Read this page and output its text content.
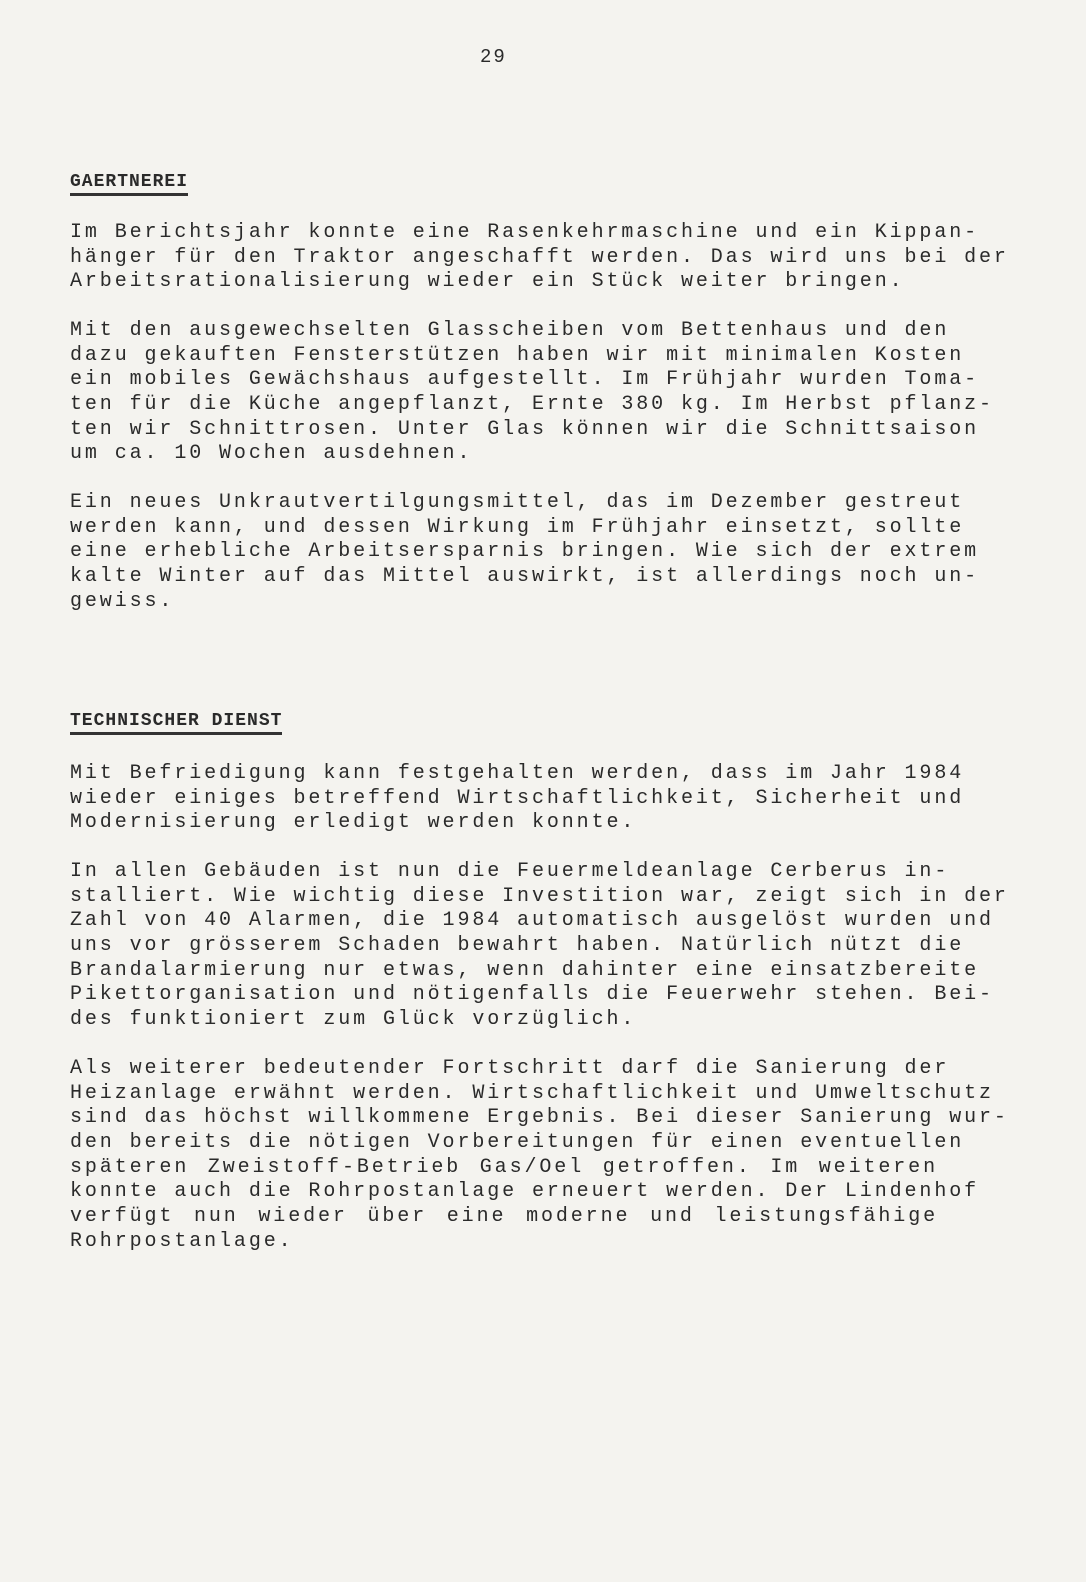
29
GAERTNEREI
Im Berichtsjahr konnte eine Rasenkehrmaschine und ein Kippan-
hänger für den Traktor angeschafft werden. Das wird uns bei der
Arbeitsrationalisierung wieder ein Stück weiter bringen.
Mit den ausgewechselten Glasscheiben vom Bettenhaus und den
dazu gekauften Fensterstützen haben wir mit minimalen Kosten
ein mobiles Gewächshaus aufgestellt. Im Frühjahr wurden Toma-
ten für die Küche angepflanzt, Ernte 380 kg. Im Herbst pflanz-
ten wir Schnittrosen. Unter Glas können wir die Schnittsaison
um ca. 10 Wochen ausdehnen.
Ein neues Unkrautvertilgungsmittel, das im Dezember gestreut
werden kann, und dessen Wirkung im Frühjahr einsetzt, sollte
eine erhebliche Arbeitsersparnis bringen. Wie sich der extrem
kalte Winter auf das Mittel auswirkt, ist allerdings noch un-
gewiss.
TECHNISCHER DIENST
Mit Befriedigung kann festgehalten werden, dass im Jahr 1984
wieder einiges betreffend Wirtschaftlichkeit, Sicherheit und
Modernisierung erledigt werden konnte.
In allen Gebäuden ist nun die Feuermeldeanlage Cerberus in-
stalliert. Wie wichtig diese Investition war, zeigt sich in der
Zahl von 40 Alarmen, die 1984 automatisch ausgelöst wurden und
uns vor grösserem Schaden bewahrt haben. Natürlich nützt die
Brandalarmierung nur etwas, wenn dahinter eine einsatzbereite
Pikettorganisation und nötigenfalls die Feuerwehr stehen. Bei-
des funktioniert zum Glück vorzüglich.
Als weiterer bedeutender Fortschritt darf die Sanierung der
Heizanlage erwähnt werden. Wirtschaftlichkeit und Umweltschutz
sind das höchst willkommene Ergebnis. Bei dieser Sanierung wur-
den bereits die nötigen Vorbereitungen für einen eventuellen
späteren Zweistoff-Betrieb Gas/Oel getroffen. Im weiteren
konnte auch die Rohrpostanlage erneuert werden. Der Lindenhof
verfügt nun wieder über eine moderne und leistungsfähige
Rohrpostanlage.
